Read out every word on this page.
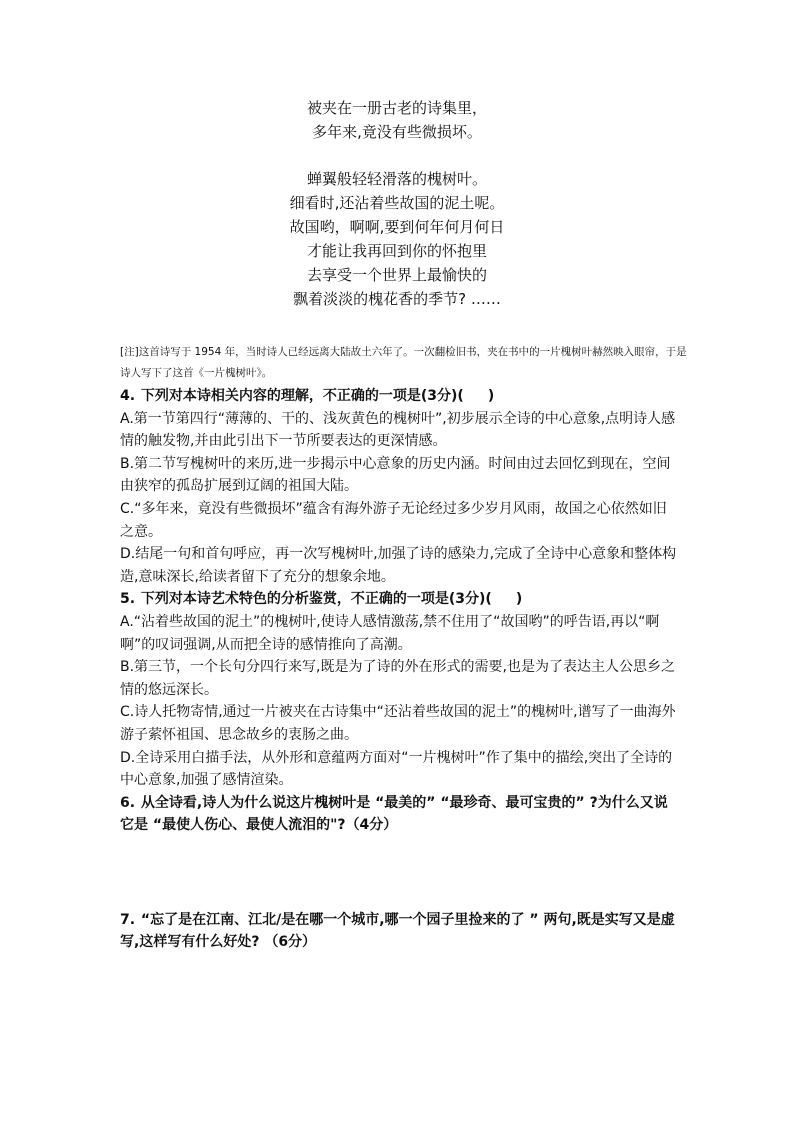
被夹在一册古老的诗集里，
多年来,竟没有些微损坏。
蝉翼般轻轻滑落的槐树叶。
细看时,还沾着些故国的泥土呢。
故国哟，啊啊,要到何年何月何日
才能让我再回到你的怀抱里
去享受一个世界上最愉快的
飘着淡淡的槐花香的季节? ……
[注]这首诗写于 1954 年，当时诗人已经远离大陆故土六年了。一次翻检旧书，夹在书中的一片槐树叶赫然映入眼帘，于是诗人写下了这首《一片槐树叶》。
4. 下列对本诗相关内容的理解，不正确的一项是(3分)( )
A.第一节第四行“薄薄的、干的、浅灰黄色的槐树叶”,初步展示全诗的中心意象,点明诗人感情的触发物,并由此引出下一节所要表达的更深情感。
B.第二节写槐树叶的来历,进一步揭示中心意象的历史内涵。时间由过去回忆到现在，空间由狭窄的孤岛扩展到辽阔的祖国大陆。
C.“多年来，竟没有些微损坏”蕴含有海外游子无论经过多少岁月风雨，故国之心依然如旧之意。
D.结尾一句和首句呼应，再一次写槐树叶,加强了诗的感染力,完成了全诗中心意象和整体构造,意味深长,给读者留下了充分的想象余地。
5. 下列对本诗艺术特色的分析鉴赏，不正确的一项是(3分)( )
A.“沾着些故国的泥土”的槐树叶,使诗人感情激荡,禁不住用了“故国哟”的呼告语,再以“啊啊”的叹词强调,从而把全诗的感情推向了高潮。
B.第三节，一个长句分四行来写,既是为了诗的外在形式的需要,也是为了表达主人公思乡之情的悠远深长。
C.诗人托物寄情,通过一片被夹在古诗集中“还沾着些故国的泥土”的槐树叶,谱写了一曲海外游子萦怀祖国、思念故乡的衷肠之曲。
D.全诗采用白描手法，从外形和意蕴两方面对“一片槐树叶”作了集中的描绘,突出了全诗的中心意象,加强了感情渲染。
6. 从全诗看,诗人为什么说这片槐树叶是 “最美的” “最珍奇、最可宝贵的” ?为什么又说它是 “最使人伤心、最使人流泪的"?（4分）
7. “忘了是在江南、江北/是在哪一个城市,哪一个园子里捡来的了 ” 两句,既是实写又是虚写,这样写有什么好处? （6分）
